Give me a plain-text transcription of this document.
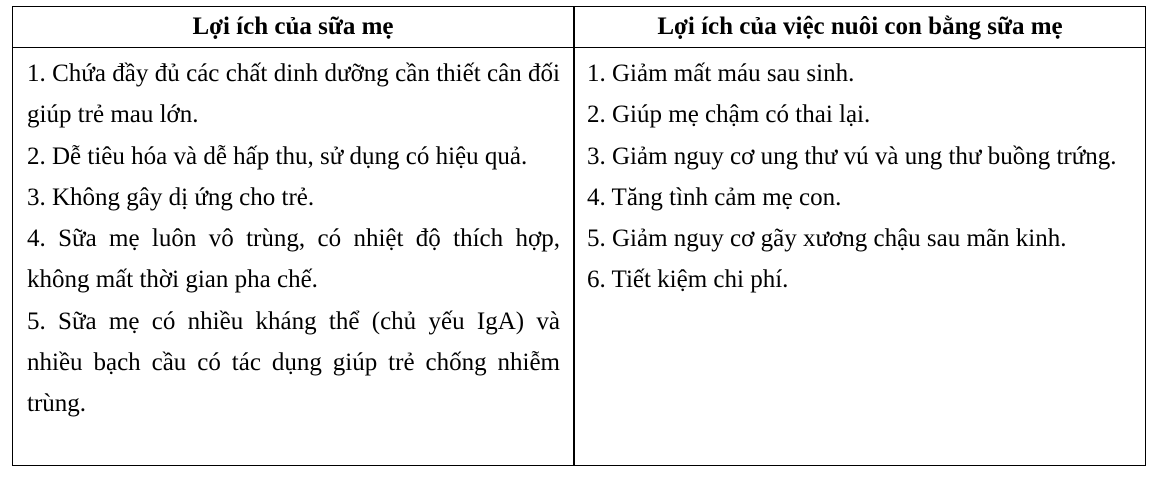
Lợi ích của sữa mẹ	Lợi ích của việc nuôi con bằng sữa mẹ

1. Chứa đầy đủ các chất dinh dưỡng cần thiết cân đối giúp trẻ mau lớn.

2. Dễ tiêu hóa và dễ hấp thu, sử dụng có hiệu quả.

3. Không gây dị ứng cho trẻ.

4. Sữa mẹ luôn vô trùng, có nhiệt độ thích hợp, không mất thời gian pha chế.

5. Sữa mẹ có nhiều kháng thể (chủ yếu IgA) và nhiều bạch cầu có tác dụng giúp trẻ chống nhiễm trùng.

1. Giảm mất máu sau sinh.

2. Giúp mẹ chậm có thai lại.

3. Giảm nguy cơ ung thư vú và ung thư buồng trứng.

4. Tăng tình cảm mẹ con.

5. Giảm nguy cơ gãy xương chậu sau mãn kinh.

6. Tiết kiệm chi phí.
